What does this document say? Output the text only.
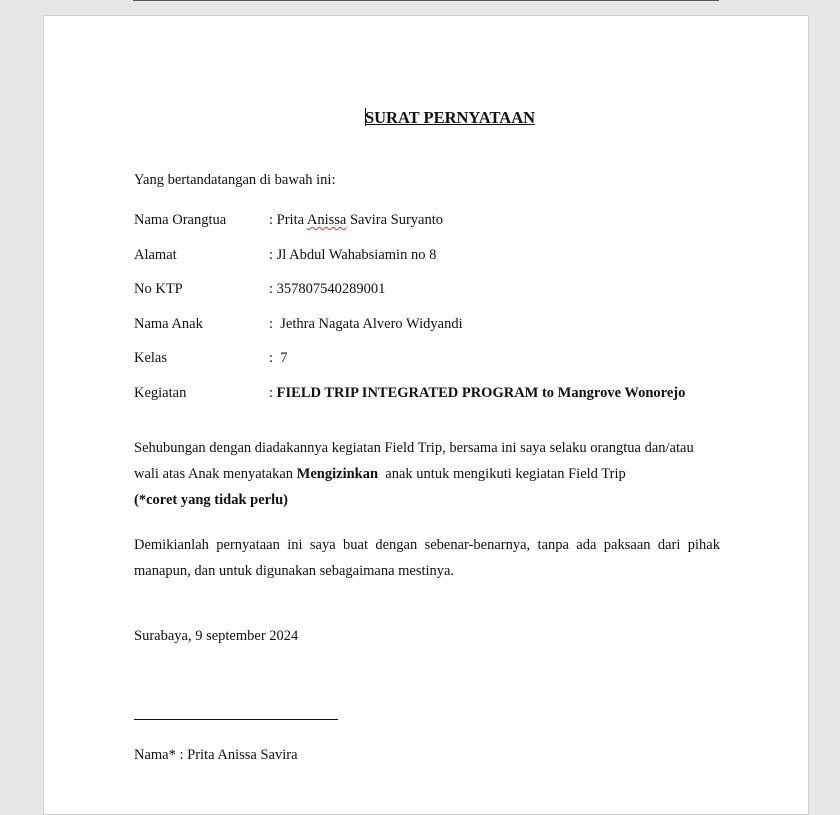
SURAT PERNYATAAN
Yang bertandatangan di bawah ini:
Nama Orangtua	: Prita Anissa Savira Suryanto
Alamat	: Jl Abdul Wahabsiamin no 8
No KTP	: 357807540289001
Nama Anak	:  Jethra Nagata Alvero Widyandi
Kelas	:  7
Kegiatan	: FIELD TRIP INTEGRATED PROGRAM to Mangrove Wonorejo
Sehubungan dengan diadakannya kegiatan Field Trip, bersama ini saya selaku orangtua dan/atau
wali atas Anak menyatakan Mengizinkan  anak untuk mengikuti kegiatan Field Trip
(*coret yang tidak perlu)
Demikianlah pernyataan ini saya buat dengan sebenar-benarnya, tanpa ada paksaan dari pihak manapun, dan untuk digunakan sebagaimana mestinya.
Surabaya, 9 september 2024
Nama* : Prita Anissa Savira
